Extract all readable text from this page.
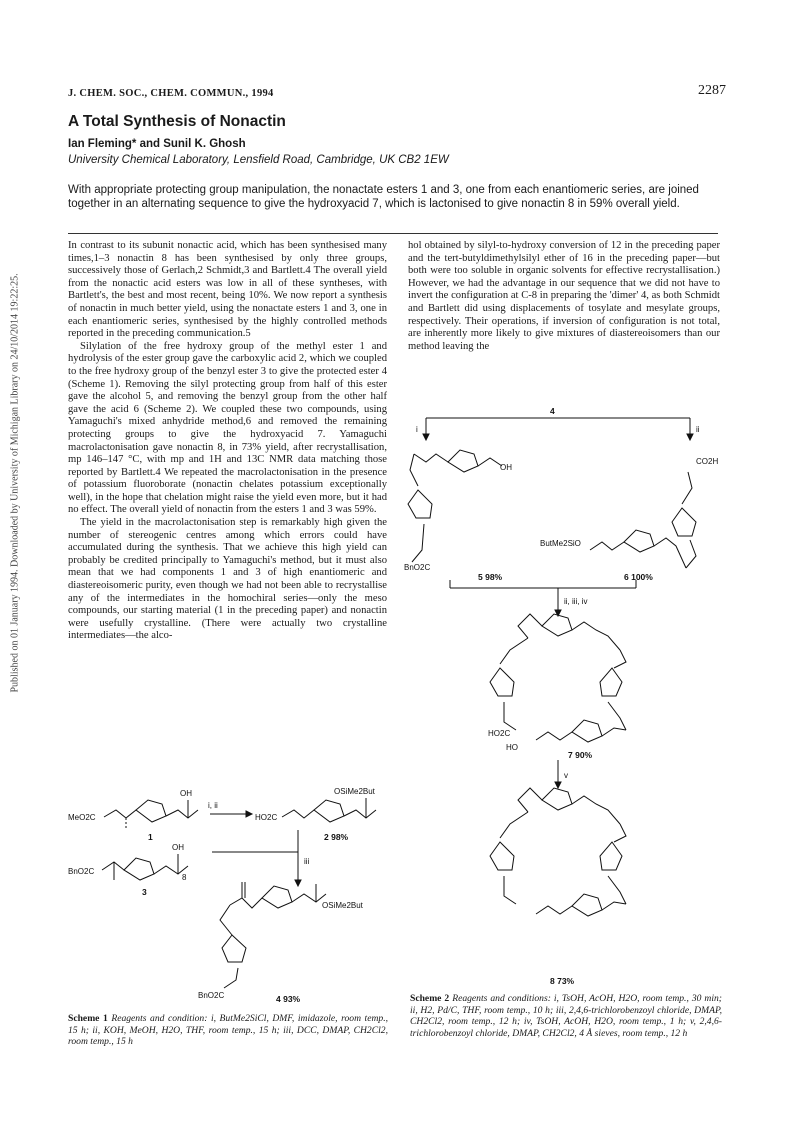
J. CHEM. SOC., CHEM. COMMUN., 1994	2287
A Total Synthesis of Nonactin
Ian Fleming* and Sunil K. Ghosh
University Chemical Laboratory, Lensfield Road, Cambridge, UK CB2 1EW
With appropriate protecting group manipulation, the nonactate esters 1 and 3, one from each enantiomeric series, are joined together in an alternating sequence to give the hydroxyacid 7, which is lactonised to give nonactin 8 in 59% overall yield.
Published on 01 January 1994. Downloaded by University of Michigan Library on 24/10/2014 19:22:25.

In contrast to its subunit nonactic acid, which has been synthesised many times,1–3 nonactin 8 has been synthesised by only three groups, successively those of Gerlach,2 Schmidt,3 and Bartlett.4 The overall yield from the nonactic acid esters was low in all of these syntheses, with Bartlett's, the best and most recent, being 10%. We now report a synthesis of nonactin in much better yield, using the nonactate esters 1 and 3, one in each enantiomeric series, synthesised by the highly controlled methods reported in the preceding communication.5

Silylation of the free hydroxy group of the methyl ester 1 and hydrolysis of the ester group gave the carboxylic acid 2, which we coupled to the free hydroxy group of the benzyl ester 3 to give the protected ester 4 (Scheme 1). Removing the silyl protecting group from half of this ester gave the alcohol 5, and removing the benzyl group from the other half gave the acid 6 (Scheme 2). We coupled these two compounds, using Yamaguchi's mixed anhydride method,6 and removed the remaining protecting groups to give the hydroxyacid 7. Yamaguchi macrolactonisation gave nonactin 8, in 73% yield, after recrystallisation, mp 146–147 °C, with mp and 1H and 13C NMR data matching those reported by Bartlett.4 We repeated the macrolactonisation in the presence of potassium fluoroborate (nonactin chelates potassium exceptionally well), in the hope that chelation might raise the yield even more, but it had no effect. The overall yield of nonactin from the esters 1 and 3 was 59%.

The yield in the macrolactonisation step is remarkably high given the number of stereogenic centres among which errors could have accumulated during the synthesis. That we achieve this high yield can probably be credited principally to Yamaguchi's method, but it must also mean that we had components 1 and 3 of high enantiomeric and diastereoisomeric purity, even though we had not been able to recrystallise any of the intermediates in the homochiral series—only the meso compounds, our starting material (1 in the preceding paper) and nonactin were usefully crystalline. (There were actually two crystalline intermediates—the alco-

hol obtained by silyl-to-hydroxy conversion of 12 in the preceding paper and the tert-butyldimethylsilyl ether of 16 in the preceding paper—but both were too soluble in organic solvents for effective recrystallisation.) However, we had the advantage in our sequence that we did not have to invert the configuration at C-8 in preparing the 'dimer' 4, as both Schmidt and Bartlett did using displacements of tosylate and mesylate groups, respectively. Their operations, if inversion of configuration is not total, are inherently more likely to give mixtures of diastereoisomers than our method leaving the

MeO2C
OH
i, ii
HO2C
OSiMe2But
BnO2C
OH
8
iii
OSiMe2But
BnO2C
1	2 98%
3
4 93%
4
i	ii
CO2H
OH
ButMe2SiO
BnO2C
5 98%	6 100%
ii, iii, iv
HO2C
HO
7 90%
v
8 73%
Scheme 1 Reagents and condition: i, ButMe2SiCl, DMF, imidazole, room temp., 15 h; ii, KOH, MeOH, H2O, THF, room temp., 15 h; iii, DCC, DMAP, CH2Cl2, room temp., 15 h
Scheme 2 Reagents and conditions: i, TsOH, AcOH, H2O, room temp., 30 min; ii, H2, Pd/C, THF, room temp., 10 h; iii, 2,4,6-trichlorobenzoyl chloride, DMAP, CH2Cl2, room temp., 12 h; iv, TsOH, AcOH, H2O, room temp., 1 h; v, 2,4,6-trichlorobenzoyl chloride, DMAP, CH2Cl2, 4 Å sieves, room temp., 12 h
